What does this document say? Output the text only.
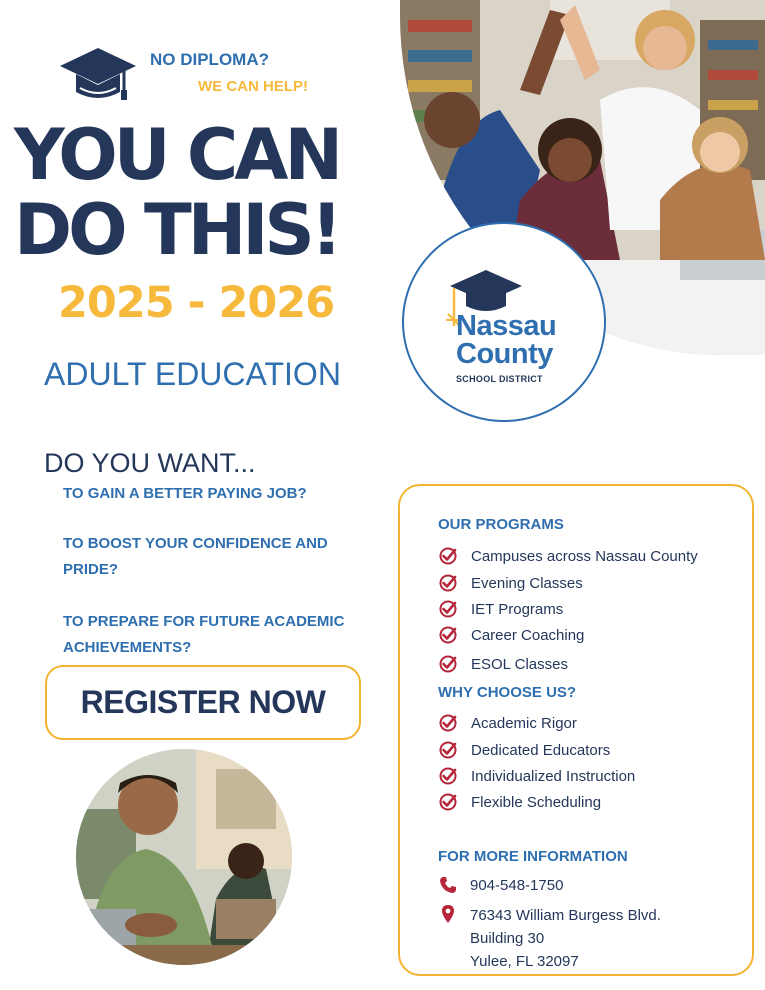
NO DIPLOMA?
WE CAN HELP!
YOU CAN
DO THIS!
2025 - 2026
ADULT EDUCATION
Nassau
County
SCHOOL DISTRICT
DO YOU WANT...
TO GAIN A BETTER PAYING JOB?
TO BOOST YOUR CONFIDENCE AND PRIDE?
TO PREPARE FOR FUTURE ACADEMIC ACHIEVEMENTS?
REGISTER NOW
OUR PROGRAMS
Campuses across Nassau County
Evening Classes
IET Programs
Career Coaching
ESOL Classes
WHY CHOOSE US?
Academic Rigor
Dedicated Educators
Individualized Instruction
Flexible Scheduling
FOR MORE INFORMATION
904-548-1750
76343 William Burgess Blvd.
Building 30
Yulee, FL 32097
